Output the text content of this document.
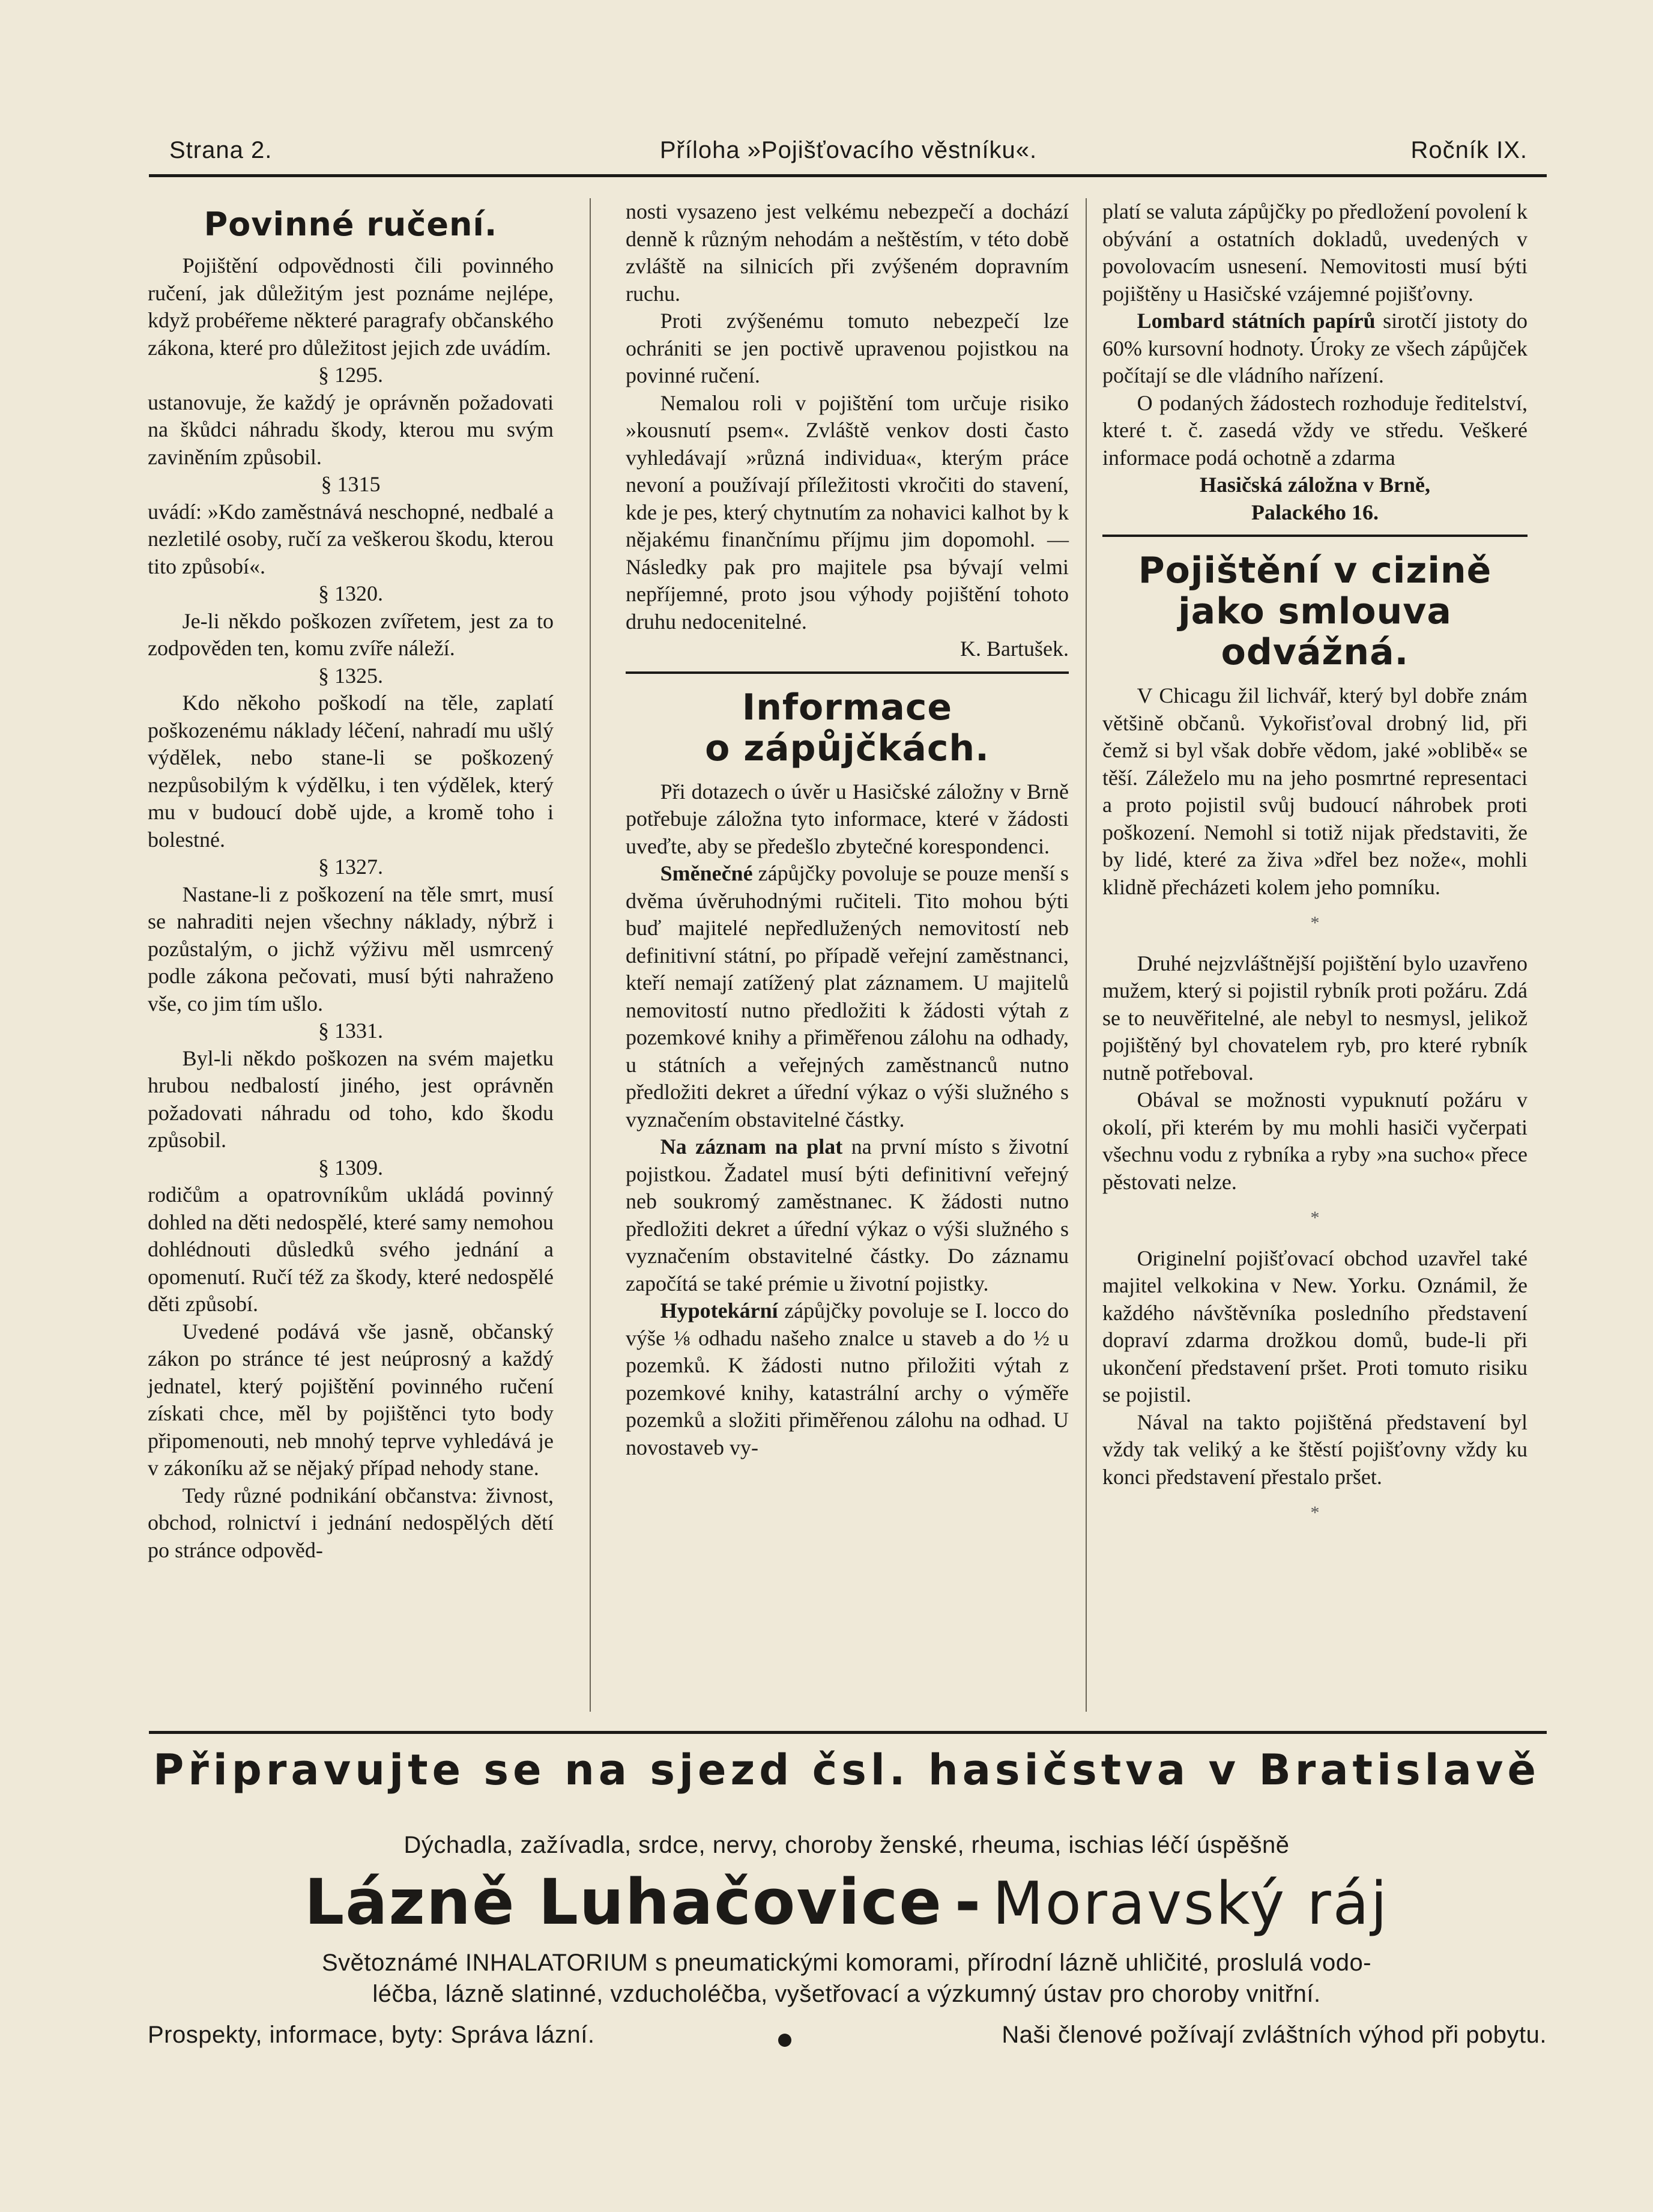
Strana 2.	Příloha »Pojišťovacího věstníku«.	Ročník IX.
Povinné ručení.

Pojištění odpovědnosti čili povinného ručení, jak důležitým jest poznáme nejlépe, když probéřeme některé paragrafy občanského zákona, které pro důležitost jejich zde uvádím.

§ 1295.

ustanovuje, že každý je oprávněn požadovati na škůdci náhradu škody, kterou mu svým zaviněním způsobil.

§ 1315

uvádí: »Kdo zaměstnává neschopné, nedbalé a nezletilé osoby, ručí za veškerou škodu, kterou tito způsobí«.

§ 1320.

Je-li někdo poškozen zvířetem, jest za to zodpověden ten, komu zvíře náleží.

§ 1325.

Kdo někoho poškodí na těle, zaplatí poškozenému náklady léčení, nahradí mu ušlý výdělek, nebo stane-li se poškozený nezpůsobilým k výdělku, i ten výdělek, který mu v budoucí době ujde, a kromě toho i bolestné.

§ 1327.

Nastane-li z poškození na těle smrt, musí se nahraditi nejen všechny náklady, nýbrž i pozůstalým, o jichž výživu měl usmrcený podle zákona pečovati, musí býti nahraženo vše, co jim tím ušlo.

§ 1331.

Byl-li někdo poškozen na svém majetku hrubou nedbalostí jiného, jest oprávněn požadovati náhradu od toho, kdo škodu způsobil.

§ 1309.

rodičům a opatrovníkům ukládá povinný dohled na děti nedospělé, které samy nemohou dohlédnouti důsledků svého jednání a opomenutí. Ručí též za škody, které nedospělé děti způsobí.

Uvedené podává vše jasně, občanský zákon po stránce té jest neúprosný a každý jednatel, který pojištění povinného ručení získati chce, měl by pojištěnci tyto body připomenouti, neb mnohý teprve vyhledává je v zákoníku až se nějaký případ nehody stane.

Tedy různé podnikání občanstva: živnost, obchod, rolnictví i jednání nedospělých dětí po stránce odpověd-

nosti vysazeno jest velkému nebezpečí a dochází denně k různým nehodám a neštěstím, v této době zvláště na silnicích při zvýšeném dopravním ruchu.

Proti zvýšenému tomuto nebezpečí lze ochrániti se jen poctivě upravenou pojistkou na povinné ručení.

Nemalou roli v pojištění tom určuje risiko »kousnutí psem«. Zvláště venkov dosti často vyhledávají »různá individua«, kterým práce nevoní a používají příležitosti vkročiti do stavení, kde je pes, který chytnutím za nohavici kalhot by k nějakému finančnímu příjmu jim dopomohl. — Následky pak pro majitele psa bývají velmi nepříjemné, proto jsou výhody pojištění tohoto druhu nedocenitelné.

K. Bartušek.

Informace
o zápůjčkách.

Při dotazech o úvěr u Hasičské záložny v Brně potřebuje záložna tyto informace, které v žádosti uveďte, aby se předešlo zbytečné korespondenci.

Směnečné zápůjčky povoluje se pouze menší s dvěma úvěruhodnými ručiteli. Tito mohou býti buď majitelé nepředlužených nemovitostí neb definitivní státní, po případě veřejní zaměstnanci, kteří nemají zatížený plat záznamem. U majitelů nemovitostí nutno předložiti k žádosti výtah z pozemkové knihy a přiměřenou zálohu na odhady, u státních a veřejných zaměstnanců nutno předložiti dekret a úřední výkaz o výši služného s vyznačením obstavitelné částky.

Na záznam na plat na první místo s životní pojistkou. Žadatel musí býti definitivní veřejný neb soukromý zaměstnanec. K žádosti nutno předložiti dekret a úřední výkaz o výši služného s vyznačením obstavitelné částky. Do záznamu započítá se také prémie u životní pojistky.

Hypotekární zápůjčky povoluje se I. locco do výše ⅛ odhadu našeho znalce u staveb a do ½ u pozemků. K žádosti nutno přiložiti výtah z pozemkové knihy, katastrální archy o výměře pozemků a složiti přiměřenou zálohu na odhad. U novostaveb vy-

platí se valuta zápůjčky po předložení povolení k obývání a ostatních dokladů, uvedených v povolovacím usnesení. Nemovitosti musí býti pojištěny u Hasičské vzájemné pojišťovny.

Lombard státních papírů sirotčí jistoty do 60% kursovní hodnoty. Úroky ze všech zápůjček počítají se dle vládního nařízení.

O podaných žádostech rozhoduje ředitelství, které t. č. zasedá vždy ve středu. Veškeré informace podá ochotně a zdarma

Hasičská záložna v Brně,

Palackého 16.

Pojištění v cizině
jako smlouva odvážná.

V Chicagu žil lichvář, který byl dobře znám většině občanů. Vykořisťoval drobný lid, při čemž si byl však dobře vědom, jaké »oblibě« se těší. Záleželo mu na jeho posmrtné representaci a proto pojistil svůj budoucí náhrobek proti poškození. Nemohl si totiž nijak představiti, že by lidé, které za živa »dřel bez nože«, mohli klidně přecházeti kolem jeho pomníku.

*

Druhé nejzvláštnější pojištění bylo uzavřeno mužem, který si pojistil rybník proti požáru. Zdá se to neuvěřitelné, ale nebyl to nesmysl, jelikož pojištěný byl chovatelem ryb, pro které rybník nutně potřeboval.

Obával se možnosti vypuknutí požáru v okolí, při kterém by mu mohli hasiči vyčerpati všechnu vodu z rybníka a ryby »na sucho« přece pěstovati nelze.

*

Originelní pojišťovací obchod uzavřel také majitel velkokina v New. Yorku. Oznámil, že každého návštěvníka posledního představení dopraví zdarma drožkou domů, bude-li při ukončení představení pršet. Proti tomuto risiku se pojistil.

Nával na takto pojištěná představení byl vždy tak veliký a ke štěstí pojišťovny vždy ku konci představení přestalo pršet.

*
Připravujte se na sjezd čsl. hasičstva v Bratislavě
Dýchadla, zažívadla, srdce, nervy, choroby ženské, rheuma, ischias léčí úspěšně
Lázně Luhačovice - Moravský ráj
Světoznámé INHALATORIUM s pneumatickými komorami, přírodní lázně uhličité, proslulá vodo-
léčba, lázně slatinné, vzducholéčba, vyšetřovací a výzkumný ústav pro choroby vnitřní.
Prospekty, informace, byty: Správa lázní.	Naši členové požívají zvláštních výhod při pobytu.
